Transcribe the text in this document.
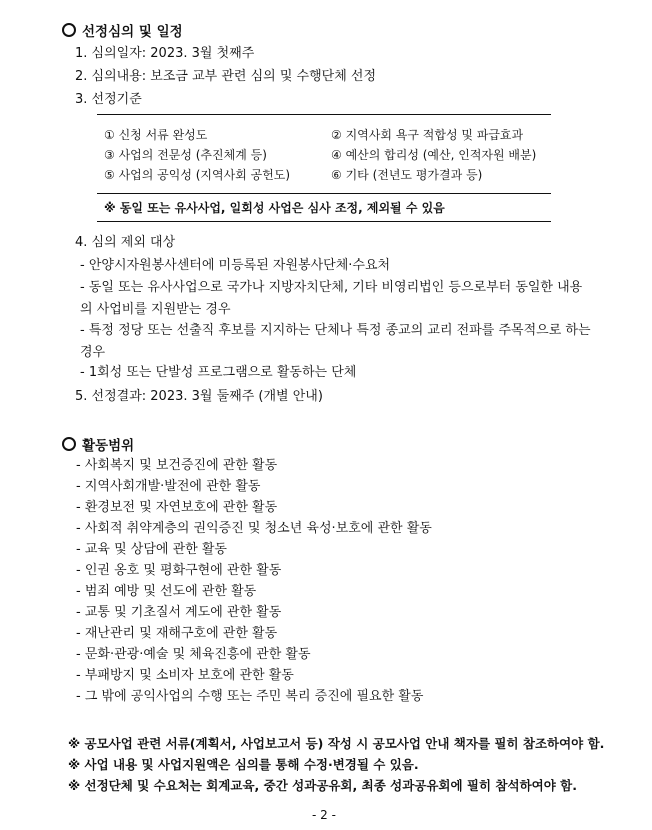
선정심의 및 일정
1. 심의일자: 2023. 3월 첫째주
2. 심의내용: 보조금 교부 관련 심의 및 수행단체 선정
3. 선정기준
① 신청 서류 완성도	② 지역사회 욕구 적합성 및 파급효과
③ 사업의 전문성 (추진체계 등)	④ 예산의 합리성 (예산, 인적자원 배분)
⑤ 사업의 공익성 (지역사회 공헌도)	⑥ 기타 (전년도 평가결과 등)
※ 동일 또는 유사사업, 일회성 사업은 심사 조정, 제외될 수 있음
4. 심의 제외 대상
- 안양시자원봉사센터에 미등록된 자원봉사단체·수요처
- 동일 또는 유사사업으로 국가나 지방자치단체, 기타 비영리법인 등으로부터 동일한 내용의 사업비를 지원받는 경우
- 특정 정당 또는 선출직 후보를 지지하는 단체나 특정 종교의 교리 전파를 주목적으로 하는 경우
- 1회성 또는 단발성 프로그램으로 활동하는 단체
5. 선정결과: 2023. 3월 둘째주 (개별 안내)
활동범위
- 사회복지 및 보건증진에 관한 활동
- 지역사회개발·발전에 관한 활동
- 환경보전 및 자연보호에 관한 활동
- 사회적 취약계층의 권익증진 및 청소년 육성·보호에 관한 활동
- 교육 및 상담에 관한 활동
- 인권 옹호 및 평화구현에 관한 활동
- 범죄 예방 및 선도에 관한 활동
- 교통 및 기초질서 계도에 관한 활동
- 재난관리 및 재해구호에 관한 활동
- 문화·관광·예술 및 체육진흥에 관한 활동
- 부패방지 및 소비자 보호에 관한 활동
- 그 밖에 공익사업의 수행 또는 주민 복리 증진에 필요한 활동
※ 공모사업 관련 서류(계획서, 사업보고서 등) 작성 시 공모사업 안내 책자를 필히 참조하여야 함.
※ 사업 내용 및 사업지원액은 심의를 통해 수정·변경될 수 있음.
※ 선정단체 및 수요처는 회계교육, 중간 성과공유회, 최종 성과공유회에 필히 참석하여야 함.
- 2 -
